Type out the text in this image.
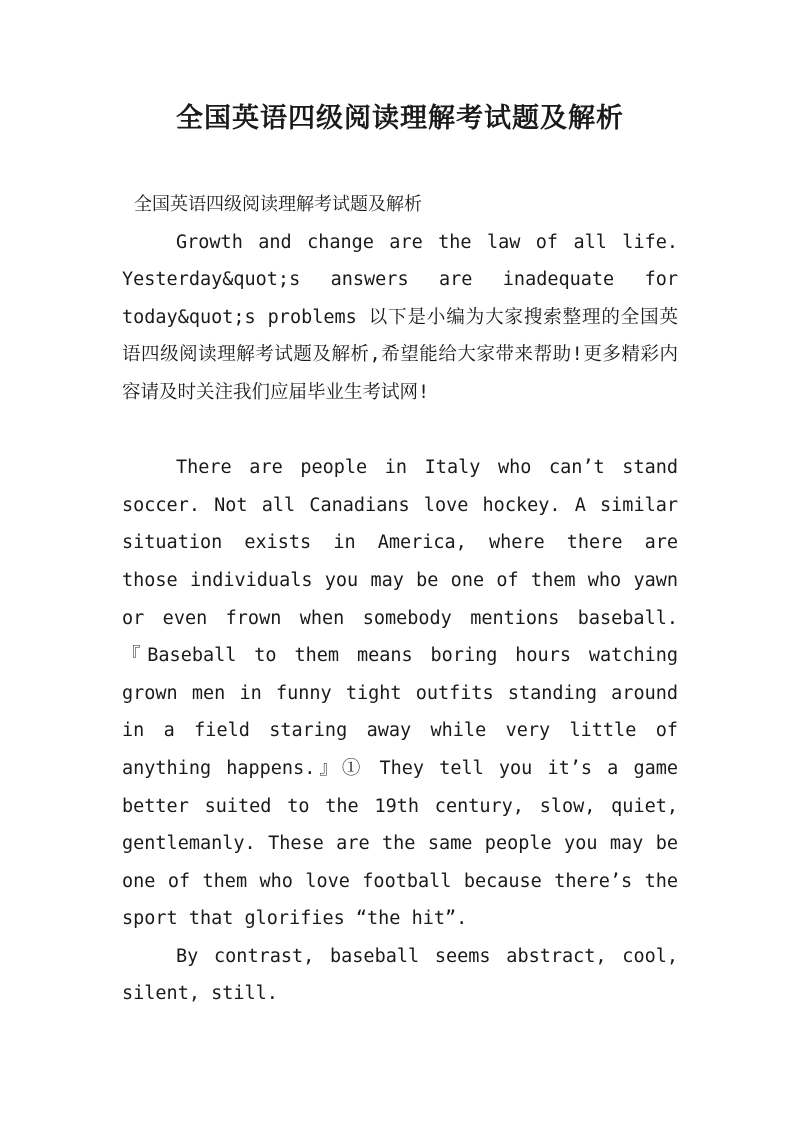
全国英语四级阅读理解考试题及解析

全国英语四级阅读理解考试题及解析

Growth and change are the law of all life. Yesterday&quot;s answers are inadequate for today&quot;s problems 以下是小编为大家搜索整理的全国英语四级阅读理解考试题及解析,希望能给大家带来帮助!更多精彩内容请及时关注我们应届毕业生考试网!

There are people in Italy who can’t stand soccer. Not all Canadians love hockey. A similar situation exists in America, where there are those individuals you may be one of them who yawn or even frown when somebody mentions baseball. 『Baseball to them means boring hours watching grown men in funny tight outfits standing around in a field staring away while very little of anything happens.』① They tell you it’s a game better suited to the 19th century, slow, quiet, gentlemanly. These are the same people you may be one of them who love football because there’s the sport that glorifies “the hit”.

By contrast, baseball seems abstract, cool, silent, still.
